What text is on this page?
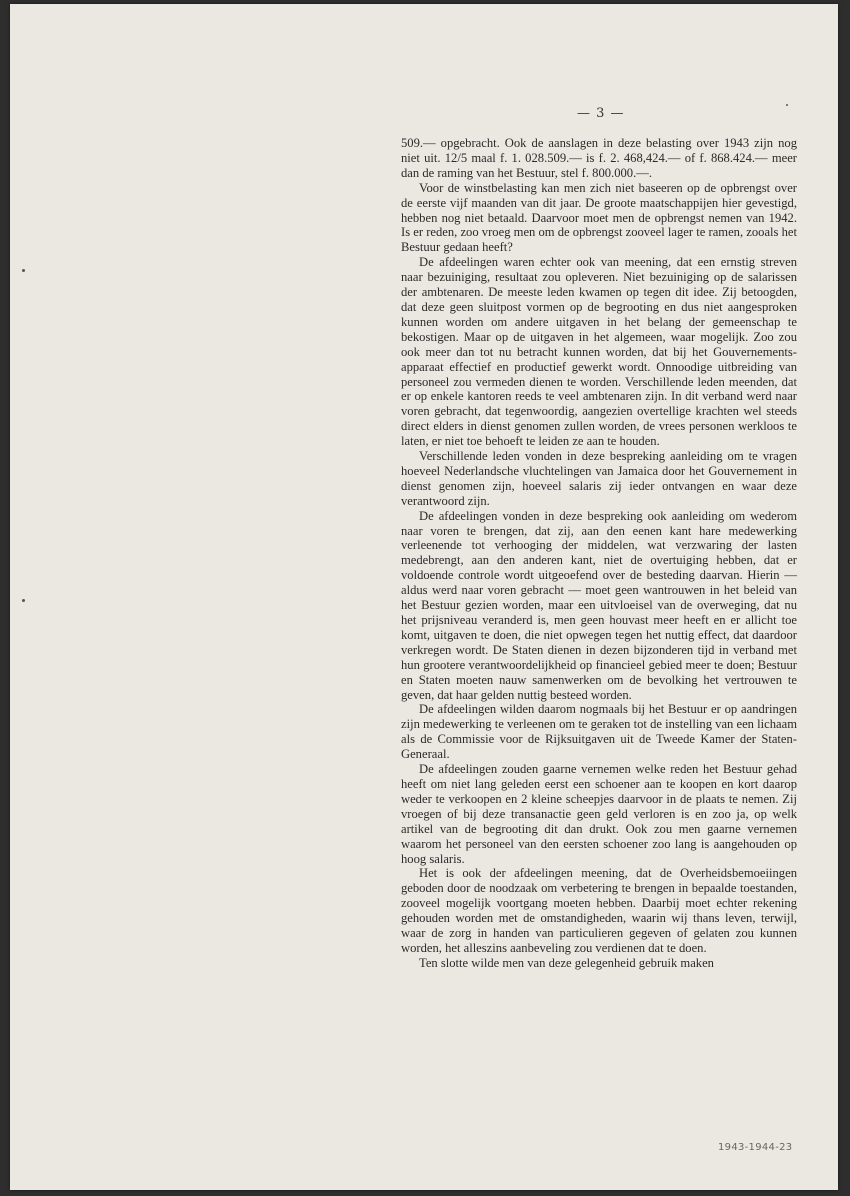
— 3 —

509.— opgebracht. Ook de aanslagen in deze belasting over 1943 zijn nog niet uit. 12/5 maal f. 1. 028.509.— is f. 2. 468,424.— of f. 868.424.— meer dan de raming van het Bestuur, stel f. 800.000.—.

Voor de winstbelasting kan men zich niet baseeren op de opbrengst over de eerste vijf maanden van dit jaar. De groote maatschappijen hier gevestigd, hebben nog niet betaald. Daarvoor moet men de opbrengst nemen van 1942. Is er reden, zoo vroeg men om de opbrengst zooveel lager te ramen, zooals het Bestuur gedaan heeft?

De afdeelingen waren echter ook van meening, dat een ernstig streven naar bezuiniging, resultaat zou opleveren. Niet bezuiniging op de salarissen der ambtenaren. De meeste leden kwamen op tegen dit idee. Zij betoogden, dat deze geen sluitpost vormen op de begrooting en dus niet aangesproken kunnen worden om andere uitgaven in het belang der gemeenschap te bekostigen. Maar op de uitgaven in het algemeen, waar mogelijk. Zoo zou ook meer dan tot nu betracht kunnen worden, dat bij het Gouvernements-apparaat effectief en productief gewerkt wordt. Onnoodige uitbreiding van personeel zou vermeden dienen te worden. Verschillende leden meenden, dat er op enkele kantoren reeds te veel ambtenaren zijn. In dit verband werd naar voren gebracht, dat tegenwoordig, aangezien overtellige krachten wel steeds direct elders in dienst genomen zullen worden, de vrees personen werkloos te laten, er niet toe behoeft te leiden ze aan te houden.

Verschillende leden vonden in deze bespreking aanleiding om te vragen hoeveel Nederlandsche vluchtelingen van Jamaica door het Gouvernement in dienst genomen zijn, hoeveel salaris zij ieder ontvangen en waar deze verantwoord zijn.

De afdeelingen vonden in deze bespreking ook aanleiding om wederom naar voren te brengen, dat zij, aan den eenen kant hare medewerking verleenende tot verhooging der middelen, wat verzwaring der lasten medebrengt, aan den anderen kant, niet de overtuiging hebben, dat er voldoende controle wordt uitgeoefend over de besteding daarvan. Hierin — aldus werd naar voren gebracht — moet geen wantrouwen in het beleid van het Bestuur gezien worden, maar een uitvloeisel van de overweging, dat nu het prijsniveau veranderd is, men geen houvast meer heeft en er allicht toe komt, uitgaven te doen, die niet opwegen tegen het nuttig effect, dat daardoor verkregen wordt. De Staten dienen in dezen bijzonderen tijd in verband met hun grootere verantwoordelijkheid op financieel gebied meer te doen; Bestuur en Staten moeten nauw samenwerken om de bevolking het vertrouwen te geven, dat haar gelden nuttig besteed worden.

De afdeelingen wilden daarom nogmaals bij het Bestuur er op aandringen zijn medewerking te verleenen om te geraken tot de instelling van een lichaam als de Commissie voor de Rijksuitgaven uit de Tweede Kamer der Staten-Generaal.

De afdeelingen zouden gaarne vernemen welke reden het Bestuur gehad heeft om niet lang geleden eerst een schoener aan te koopen en kort daarop weder te verkoopen en 2 kleine scheepjes daarvoor in de plaats te nemen. Zij vroegen of bij deze transanactie geen geld verloren is en zoo ja, op welk artikel van de begrooting dit dan drukt. Ook zou men gaarne vernemen waarom het personeel van den eersten schoener zoo lang is aangehouden op hoog salaris.

Het is ook der afdeelingen meening, dat de Overheidsbemoeiingen geboden door de noodzaak om verbetering te brengen in bepaalde toestanden, zooveel mogelijk voortgang moeten hebben. Daarbij moet echter rekening gehouden worden met de omstandigheden, waarin wij thans leven, terwijl, waar de zorg in handen van particulieren gegeven of gelaten zou kunnen worden, het alleszins aanbeveling zou verdienen dat te doen.

Ten slotte wilde men van deze gelegenheid gebruik maken

1943-1944-23
